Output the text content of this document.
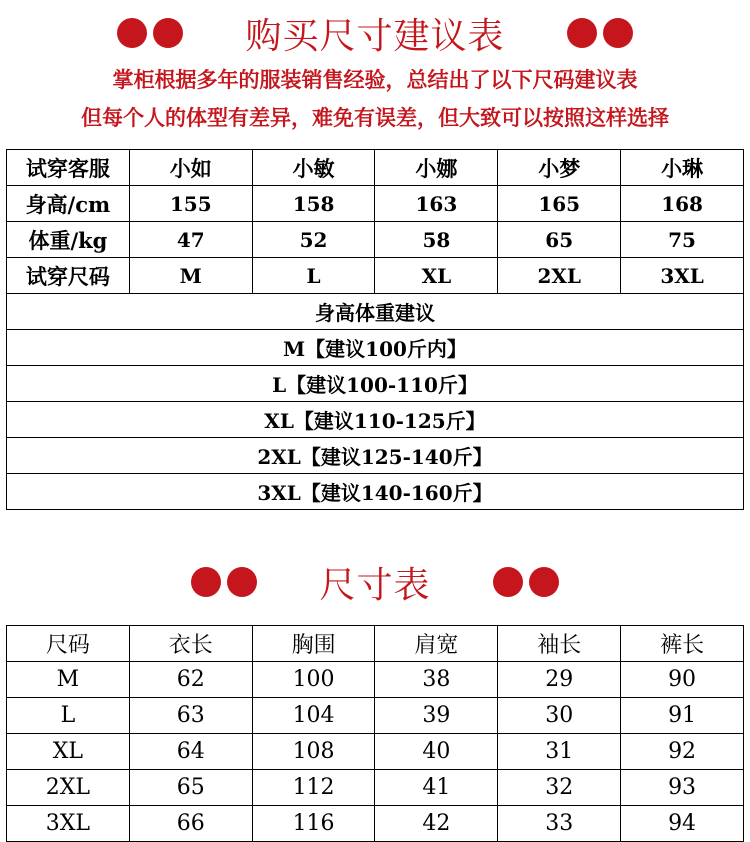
购买尺寸建议表
掌柜根据多年的服装销售经验，总结出了以下尺码建议表
但每个人的体型有差异，难免有误差，但大致可以按照这样选择
试穿客服	小如	小敏	小娜	小梦	小琳
身高/cm	155	158	163	165	168
体重/kg	47	52	58	65	75
试穿尺码	M	L	XL	2XL	3XL
身高体重建议					
M【建议100斤内】					
L【建议100-110斤】					
XL【建议110-125斤】					
2XL【建议125-140斤】					
3XL【建议140-160斤】					
尺寸表
尺码	衣长	胸围	肩宽	袖长	裤长
M	62	100	38	29	90
L	63	104	39	30	91
XL	64	108	40	31	92
2XL	65	112	41	32	93
3XL	66	116	42	33	94
